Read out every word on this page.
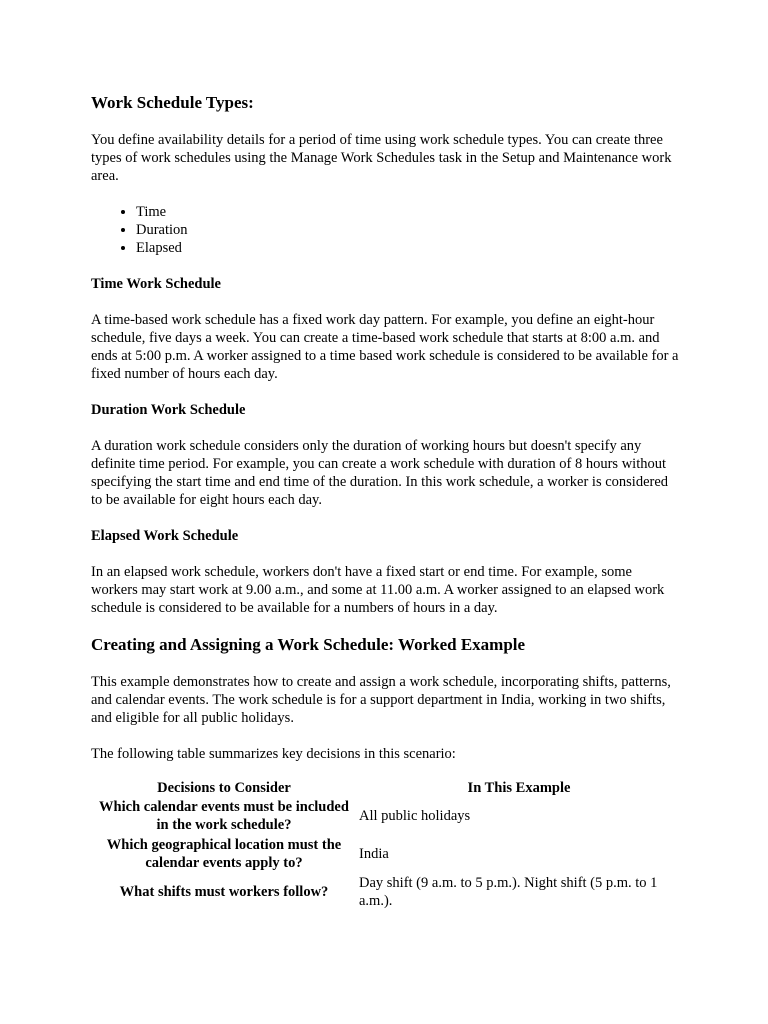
Work Schedule Types:

You define availability details for a period of time using work schedule types. You can create three types of work schedules using the Manage Work Schedules task in the Setup and Maintenance work area.

• Time
• Duration
• Elapsed
Time Work Schedule

A time-based work schedule has a fixed work day pattern. For example, you define an eight-hour schedule, five days a week. You can create a time-based work schedule that starts at 8:00 a.m. and ends at 5:00 p.m. A worker assigned to a time based work schedule is considered to be available for a fixed number of hours each day.

Duration Work Schedule

A duration work schedule considers only the duration of working hours but doesn't specify any definite time period. For example, you can create a work schedule with duration of 8 hours without specifying the start time and end time of the duration. In this work schedule, a worker is considered to be available for eight hours each day.

Elapsed Work Schedule

In an elapsed work schedule, workers don't have a fixed start or end time. For example, some workers may start work at 9.00 a.m., and some at 11.00 a.m. A worker assigned to an elapsed work schedule is considered to be available for a numbers of hours in a day.

Creating and Assigning a Work Schedule: Worked Example

This example demonstrates how to create and assign a work schedule, incorporating shifts, patterns, and calendar events. The work schedule is for a support department in India, working in two shifts, and eligible for all public holidays.

The following table summarizes key decisions in this scenario:

Decisions to Consider	In This Example
Which calendar events must be included in the work schedule?	All public holidays
Which geographical location must the calendar events apply to?	India
What shifts must workers follow?	Day shift (9 a.m. to 5 p.m.). Night shift (5 p.m. to 1 a.m.).
